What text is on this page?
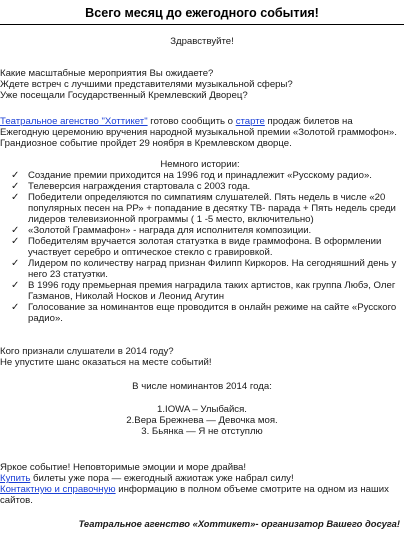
Всего месяц до ежегодного события!
Здравствуйте!
Какие масштабные мероприятия Вы ожидаете?
Ждете встреч с лучшими представителями музыкальной сферы?
Уже посещали Государственный Кремлевский Дворец?
Театральное агенство "Хоттикет" готово сообщить о старте продаж билетов на Ежегодную церемонию вручения народной музыкальной премии «Золотой граммофон». Грандиозное событие пройдет 29 ноября в Кремлевском дворце.
Немного истории:
✓ Создание премии приходится на 1996 год и принадлежит «Русскому радио».
✓ Телеверсия награждения стартовала с 2003 года.
✓ Победители определяются по симпатиям слушателей. Пять недель в числе «20 популярных песен на РР» + попадание в десятку ТВ- парада + Пять недель среди лидеров телевизионной программы ( 1 -5 место, включительно)
✓ «Золотой Граммафон» - награда для исполнителя композиции.
✓ Победителям вручается золотая статуэтка в виде граммофона. В оформлении участвует серебро и оптическое стекло с гравировкой.
✓ Лидером по количеству наград признан Филипп Киркоров. На сегодняшний день у него 23 статуэтки.
✓ В 1996 году премьерная премия наградила таких артистов, как группа Любэ, Олег Газманов, Николай Носков и Леонид Агутин
✓ Голосование за номинантов еще проводится в онлайн режиме на сайте «Русского радио».
Кого признали слушатели в 2014 году?
Не упустите шанс оказаться на месте событий!
В числе номинантов 2014 года:
1.IOWA – Улыбайся.
2.Вера Брежнева — Девочка моя.
3. Бьянка — Я не отступлю
Яркое событие! Неповторимые эмоции и море драйва!
Купить билеты уже пора — ежегодный ажиотаж уже набрал силу!
Контактную и справочную информацию в полном объеме смотрите на одном из наших сайтов.
Театральное агенство «Хоттикет»- организатор Вашего досуга!
